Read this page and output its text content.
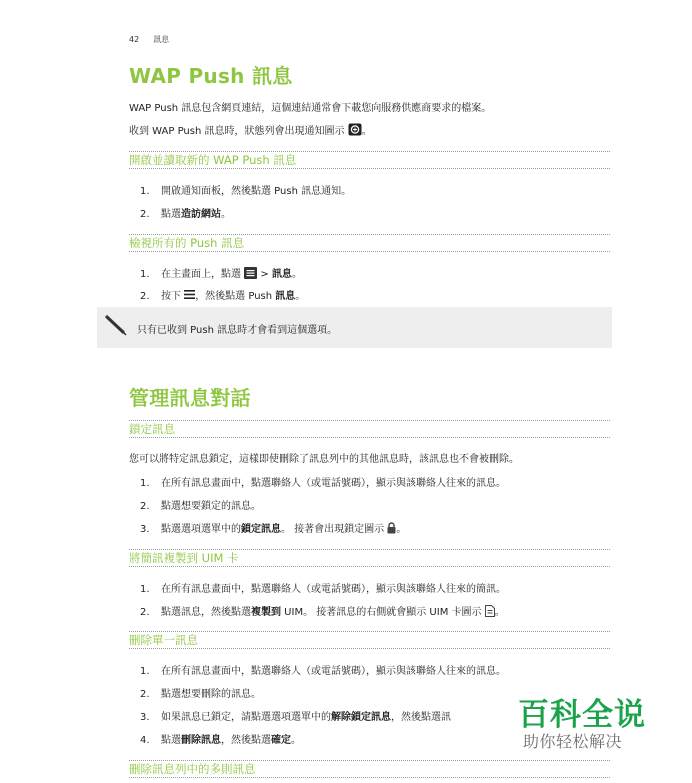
42 訊息
WAP Push 訊息
WAP Push 訊息包含網頁連結，這個連結通常會下載您向服務供應商要求的檔案。
收到 WAP Push 訊息時，狀態列會出現通知圖示 。
開啟並讀取新的 WAP Push 訊息
1. 開啟通知面板，然後點選 Push 訊息通知。
2. 點選造訪網站。
檢視所有的 Push 訊息
1. 在主畫面上，點選  > 訊息。
2. 按下 ，然後點選 Push 訊息。
只有已收到 Push 訊息時才會看到這個選項。
管理訊息對話
鎖定訊息
您可以將特定訊息鎖定，這樣即使刪除了訊息列中的其他訊息時，該訊息也不會被刪除。
1. 在所有訊息畫面中，點選聯絡人（或電話號碼），顯示與該聯絡人往來的訊息。
2. 點選想要鎖定的訊息。
3. 點選選項選單中的鎖定訊息。 接著會出現鎖定圖示 。
將簡訊複製到 UIM 卡
1. 在所有訊息畫面中，點選聯絡人（或電話號碼），顯示與該聯絡人往來的簡訊。
2. 點選訊息，然後點選複製到 UIM。 接著訊息的右側就會顯示 UIM 卡圖示 。
刪除單一訊息
1. 在所有訊息畫面中，點選聯絡人（或電話號碼），顯示與該聯絡人往來的訊息。
2. 點選想要刪除的訊息。
3. 如果訊息已鎖定，請點選選項選單中的解除鎖定訊息，然後點選訊
4. 點選刪除訊息，然後點選確定。
刪除訊息列中的多則訊息
百科全说
助你轻松解决
